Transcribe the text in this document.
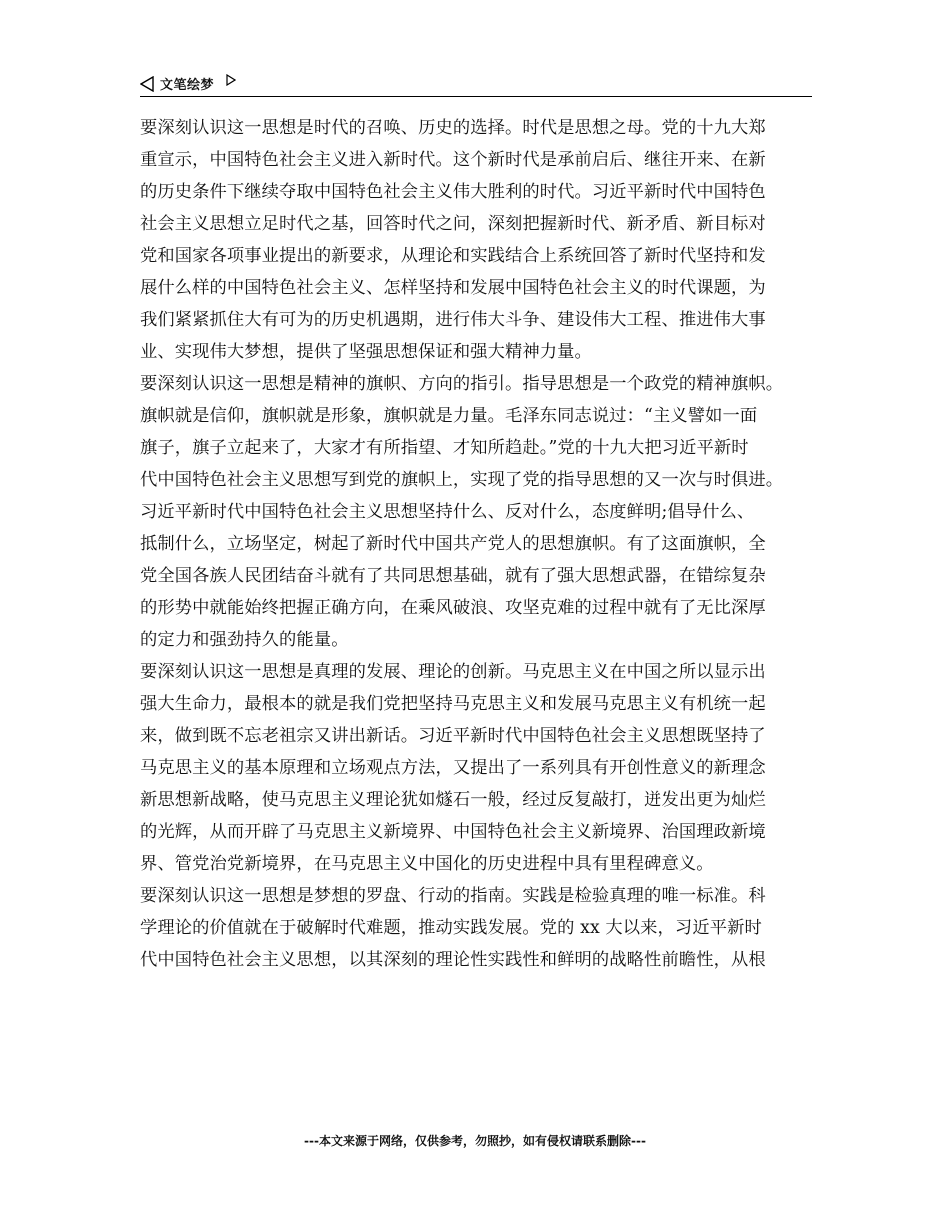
文笔绘梦
要深刻认识这一思想是时代的召唤、历史的选择。时代是思想之母。党的十九大郑
重宣示，中国特色社会主义进入新时代。这个新时代是承前启后、继往开来、在新
的历史条件下继续夺取中国特色社会主义伟大胜利的时代。习近平新时代中国特色
社会主义思想立足时代之基，回答时代之问，深刻把握新时代、新矛盾、新目标对
党和国家各项事业提出的新要求，从理论和实践结合上系统回答了新时代坚持和发
展什么样的中国特色社会主义、怎样坚持和发展中国特色社会主义的时代课题，为
我们紧紧抓住大有可为的历史机遇期，进行伟大斗争、建设伟大工程、推进伟大事
业、实现伟大梦想，提供了坚强思想保证和强大精神力量。
要深刻认识这一思想是精神的旗帜、方向的指引。指导思想是一个政党的精神旗帜。
旗帜就是信仰，旗帜就是形象，旗帜就是力量。毛泽东同志说过：“主义譬如一面
旗子，旗子立起来了，大家才有所指望、才知所趋赴。”党的十九大把习近平新时
代中国特色社会主义思想写到党的旗帜上，实现了党的指导思想的又一次与时俱进。
习近平新时代中国特色社会主义思想坚持什么、反对什么，态度鲜明;倡导什么、
抵制什么，立场坚定，树起了新时代中国共产党人的思想旗帜。有了这面旗帜，全
党全国各族人民团结奋斗就有了共同思想基础，就有了强大思想武器，在错综复杂
的形势中就能始终把握正确方向，在乘风破浪、攻坚克难的过程中就有了无比深厚
的定力和强劲持久的能量。
要深刻认识这一思想是真理的发展、理论的创新。马克思主义在中国之所以显示出
强大生命力，最根本的就是我们党把坚持马克思主义和发展马克思主义有机统一起
来，做到既不忘老祖宗又讲出新话。习近平新时代中国特色社会主义思想既坚持了
马克思主义的基本原理和立场观点方法，又提出了一系列具有开创性意义的新理念
新思想新战略，使马克思主义理论犹如燧石一般，经过反复敲打，迸发出更为灿烂
的光辉，从而开辟了马克思主义新境界、中国特色社会主义新境界、治国理政新境
界、管党治党新境界，在马克思主义中国化的历史进程中具有里程碑意义。
要深刻认识这一思想是梦想的罗盘、行动的指南。实践是检验真理的唯一标准。科
学理论的价值就在于破解时代难题，推动实践发展。党的 xx 大以来，习近平新时
代中国特色社会主义思想，以其深刻的理论性实践性和鲜明的战略性前瞻性，从根
---本文来源于网络，仅供参考，勿照抄，如有侵权请联系删除---
